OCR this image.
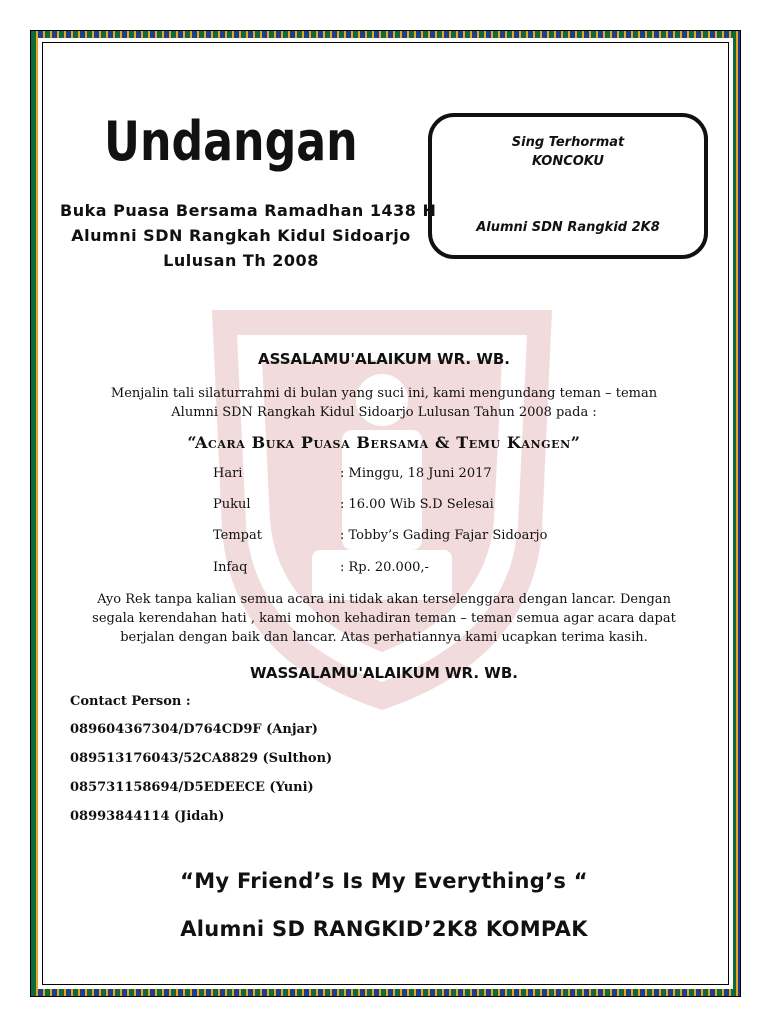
Undangan
Buka Puasa Bersama Ramadhan 1438 H
Alumni SDN Rangkah Kidul Sidoarjo
Lulusan Th 2008
Sing Terhormat
KONCOKU
Alumni SDN Rangkid 2K8
ASSALAMU'ALAIKUM WR. WB.
Menjalin tali silaturrahmi di bulan yang suci ini, kami mengundang teman – teman
Alumni SDN Rangkah Kidul Sidoarjo Lulusan Tahun 2008 pada :
“Acara Buka Puasa Bersama & Temu Kangen”
Hari	: Minggu, 18 Juni 2017
Pukul	: 16.00 Wib S.D Selesai
Tempat	: Tobby’s Gading Fajar Sidoarjo
Infaq	: Rp. 20.000,-
Ayo Rek tanpa kalian semua acara ini tidak akan terselenggara dengan lancar. Dengan
segala kerendahan hati , kami mohon kehadiran teman – teman semua agar acara dapat
berjalan dengan baik dan lancar. Atas perhatiannya kami ucapkan terima kasih.
WASSALAMU'ALAIKUM WR. WB.
Contact Person :
089604367304/D764CD9F (Anjar)
089513176043/52CA8829 (Sulthon)
085731158694/D5EDEECE (Yuni)
08993844114 (Jidah)
“My Friend’s Is My Everything’s “
Alumni SD RANGKID’2K8 KOMPAK
